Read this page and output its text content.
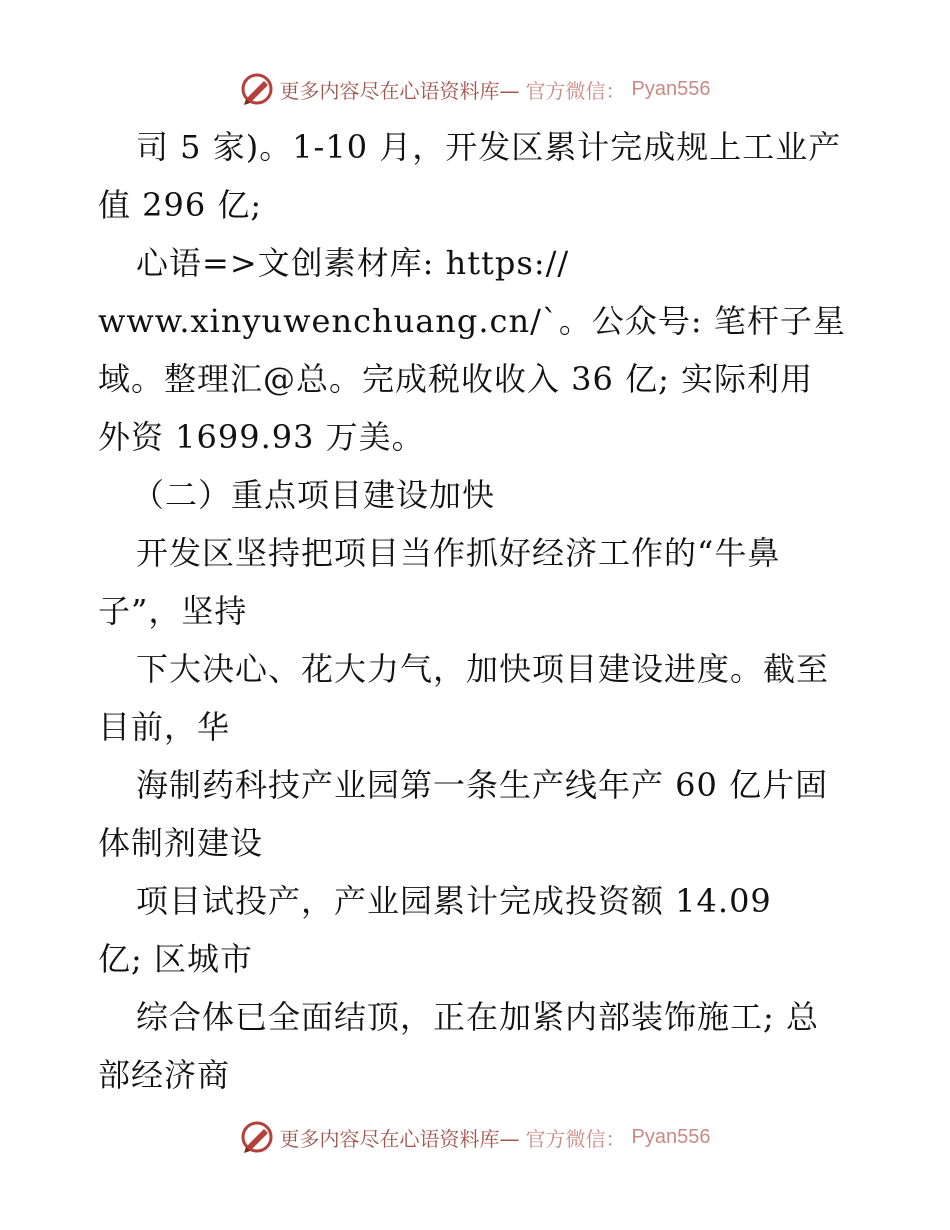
更多内容尽在心语资料库— 官方微信： Pyan556
司 5 家)。1-10 月，开发区累计完成规上工业产
值 296 亿;
心语=>文创素材库: https://
www.xinyuwenchuang.cn/`。公众号: 笔杆子星
域。整理汇@总。完成税收收入 36 亿; 实际利用
外资 1699.93 万美。
（二）重点项目建设加快
开发区坚持把项目当作抓好经济工作的“牛鼻
子”，坚持
下大决心、花大力气，加快项目建设进度。截至
目前，华
海制药科技产业园第一条生产线年产 60 亿片固
体制剂建设
项目试投产，产业园累计完成投资额 14.09
亿; 区城市
综合体已全面结顶，正在加紧内部装饰施工; 总
部经济商
更多内容尽在心语资料库— 官方微信： Pyan556
